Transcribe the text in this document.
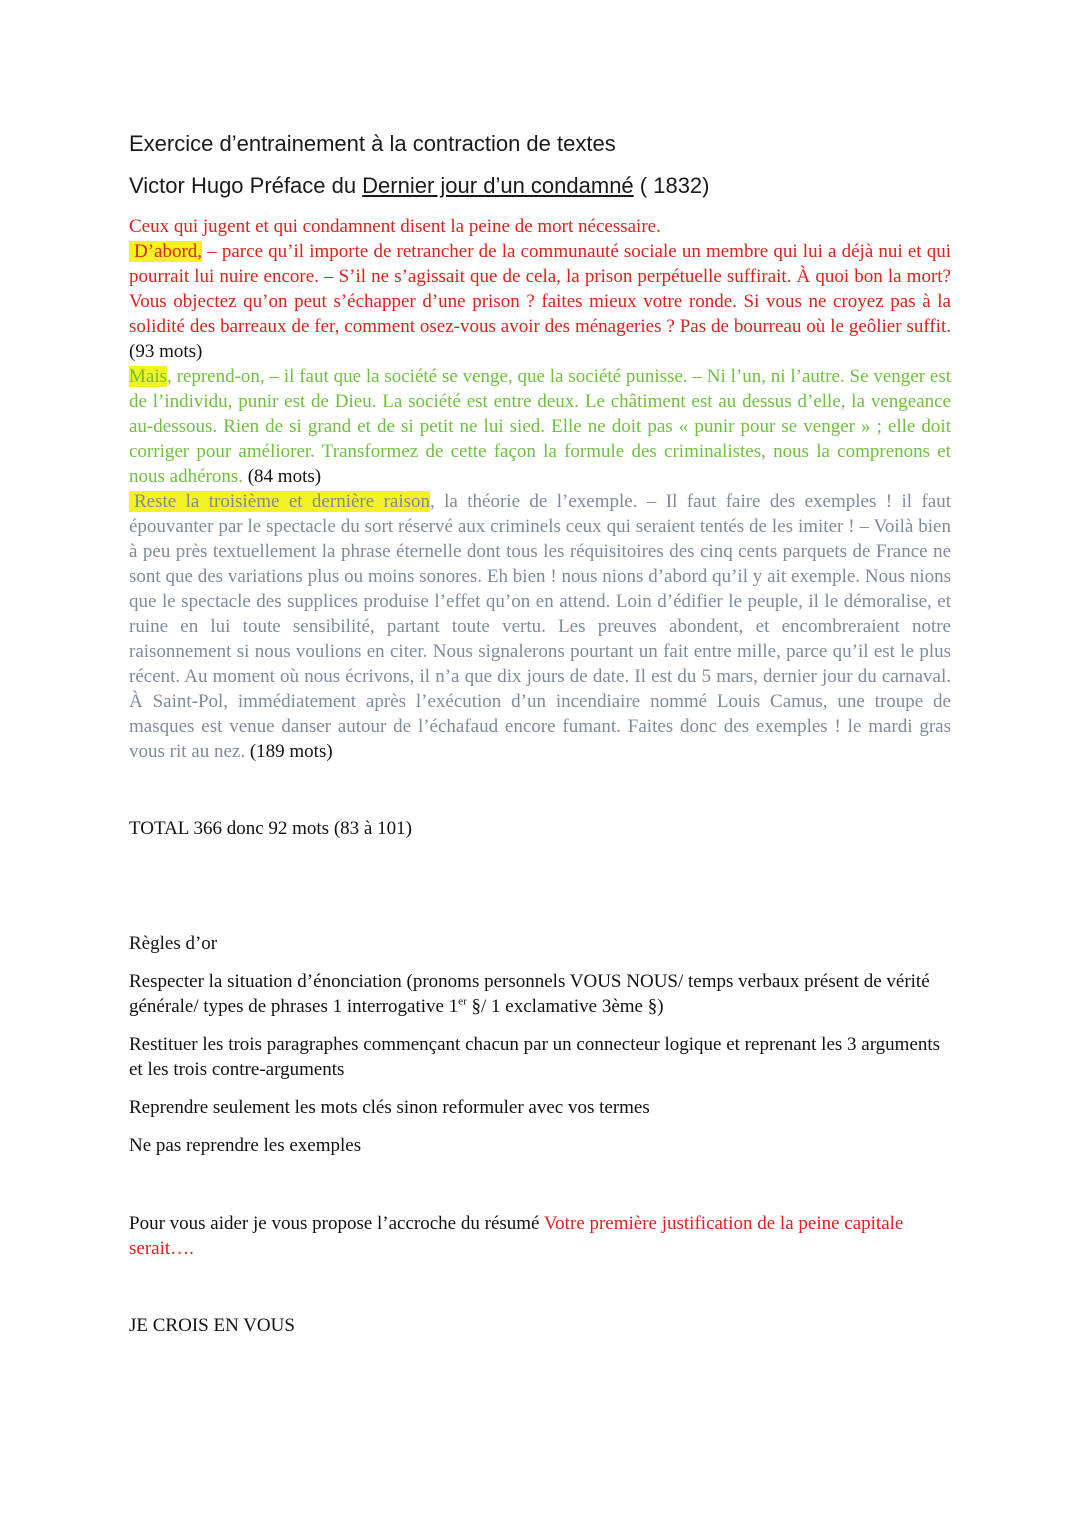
Exercice d’entrainement à la contraction de textes
Victor Hugo Préface du Dernier jour d’un condamné ( 1832)

Ceux qui jugent et qui condamnent disent la peine de mort nécessaire.
D’abord, – parce qu’il importe de retrancher de la communauté sociale un membre qui lui a déjà nui et qui pourrait lui nuire encore. – S’il ne s’agissait que de cela, la prison perpétuelle suffirait. À quoi bon la mort? Vous objectez qu’on peut s’échapper d’une prison ? faites mieux votre ronde. Si vous ne croyez pas à la solidité des barreaux de fer, comment osez-vous avoir des ménageries ? Pas de bourreau où le geôlier suffit. (93 mots)

Mais, reprend-on, – il faut que la société se venge, que la société punisse. – Ni l’un, ni l’autre. Se venger est de l’individu, punir est de Dieu. La société est entre deux. Le châtiment est au dessus d’elle, la vengeance au-dessous. Rien de si grand et de si petit ne lui sied. Elle ne doit pas « punir pour se venger » ; elle doit corriger pour améliorer. Transformez de cette façon la formule des criminalistes, nous la comprenons et nous adhérons. (84 mots)

Reste la troisième et dernière raison, la théorie de l’exemple. – Il faut faire des exemples ! il faut épouvanter par le spectacle du sort réservé aux criminels ceux qui seraient tentés de les imiter ! – Voilà bien à peu près textuellement la phrase éternelle dont tous les réquisitoires des cinq cents parquets de France ne sont que des variations plus ou moins sonores. Eh bien ! nous nions d’abord qu’il y ait exemple. Nous nions que le spectacle des supplices produise l’effet qu’on en attend. Loin d’édifier le peuple, il le démoralise, et ruine en lui toute sensibilité, partant toute vertu. Les preuves abondent, et encombreraient notre raisonnement si nous voulions en citer. Nous signalerons pourtant un fait entre mille, parce qu’il est le plus récent. Au moment où nous écrivons, il n’a que dix jours de date. Il est du 5 mars, dernier jour du carnaval. À Saint-Pol, immédiatement après l’exécution d’un incendiaire nommé Louis Camus, une troupe de masques est venue danser autour de l’échafaud encore fumant. Faites donc des exemples ! le mardi gras vous rit au nez. (189 mots)

TOTAL 366 donc 92 mots (83 à 101)
Règles d’or
Respecter la situation d’énonciation (pronoms personnels VOUS NOUS/ temps verbaux présent de vérité générale/ types de phrases 1 interrogative 1er §/ 1 exclamative 3ème §)
Restituer les trois paragraphes commençant chacun par un connecteur logique et reprenant les 3 arguments et les trois contre-arguments
Reprendre seulement les mots clés sinon reformuler avec vos termes
Ne pas reprendre les exemples
Pour vous aider je vous propose l’accroche du résumé Votre première justification de la peine capitale serait….
JE CROIS EN VOUS
